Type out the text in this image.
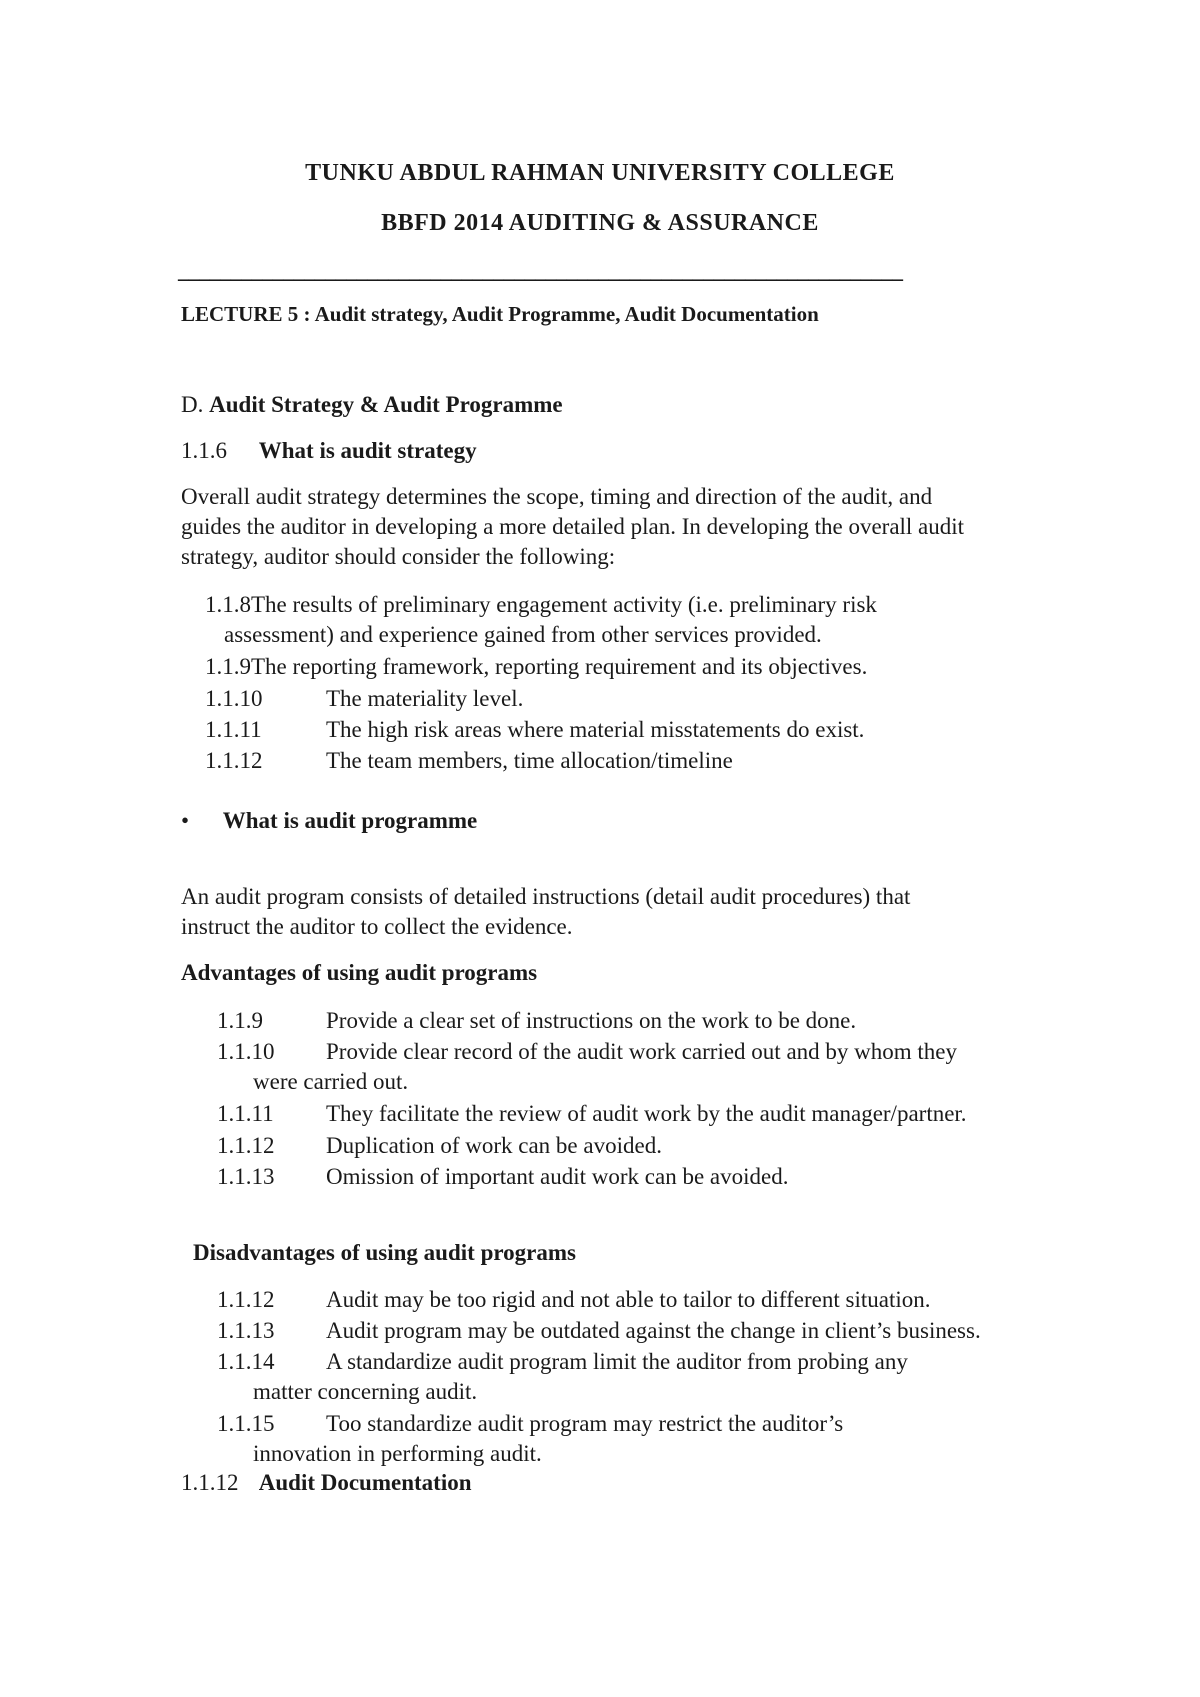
TUNKU ABDUL RAHMAN UNIVERSITY COLLEGE
BBFD 2014 AUDITING & ASSURANCE
_____________________________________________________________________
LECTURE 5 : Audit strategy, Audit Programme, Audit Documentation
D. Audit Strategy & Audit Programme
1.1.6 What is audit strategy
Overall audit strategy determines the scope, timing and direction of the audit, and
guides the auditor in developing a more detailed plan. In developing the overall audit
strategy, auditor should consider the following:
1.1.8The results of preliminary engagement activity (i.e. preliminary risk
assessment) and experience gained from other services provided.
1.1.9The reporting framework, reporting requirement and its objectives.
1.1.10	The materiality level.
1.1.11	The high risk areas where material misstatements do exist.
1.1.12	The team members, time allocation/timeline
• What is audit programme
An audit program consists of detailed instructions (detail audit procedures) that
instruct the auditor to collect the evidence.
Advantages of using audit programs
1.1.9	Provide a clear set of instructions on the work to be done.
1.1.10 Provide clear record of the audit work carried out and by whom they
were carried out.
1.1.11 They facilitate the review of audit work by the audit manager/partner.
1.1.12 Duplication of work can be avoided.
1.1.13 Omission of important audit work can be avoided.
Disadvantages of using audit programs
1.1.12 Audit may be too rigid and not able to tailor to different situation.
1.1.13 Audit program may be outdated against the change in client’s business.
1.1.14 A standardize audit program limit the auditor from probing any
matter concerning audit.
1.1.15 Too standardize audit program may restrict the auditor’s
innovation in performing audit.
1.1.12 Audit Documentation
